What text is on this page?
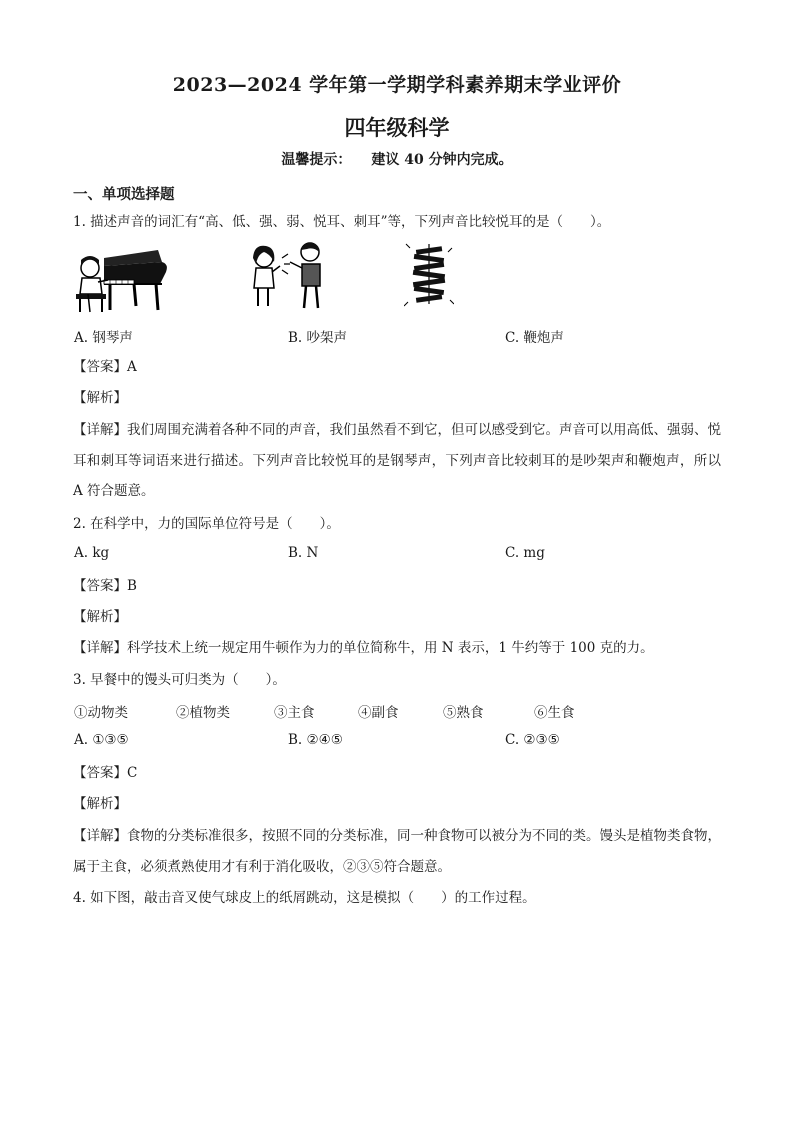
2023—2024 学年第一学期学科素养期末学业评价
四年级科学
温馨提示： 建议 40 分钟内完成。
一、单项选择题
1. 描述声音的词汇有“高、低、强、弱、悦耳、刺耳”等，下列声音比较悦耳的是（　　）。
A. 钢琴声	B. 吵架声	C. 鞭炮声
【答案】A
【解析】
【详解】我们周围充满着各种不同的声音，我们虽然看不到它，但可以感受到它。声音可以用高低、强弱、悦耳和刺耳等词语来进行描述。下列声音比较悦耳的是钢琴声，下列声音比较刺耳的是吵架声和鞭炮声，所以 A 符合题意。
2. 在科学中，力的国际单位符号是（　　）。
A. kg	B. N	C. mg
【答案】B
【解析】
【详解】科学技术上统一规定用牛顿作为力的单位简称牛，用 N 表示，1 牛约等于 100 克的力。
3. 早餐中的馒头可归类为（　　）。
①动物类	②植物类	③主食	④副食	⑤熟食	⑥生食
A. ①③⑤	B. ②④⑤	C. ②③⑤
【答案】C
【解析】
【详解】食物的分类标准很多，按照不同的分类标准，同一种食物可以被分为不同的类。馒头是植物类食物，属于主食，必须煮熟使用才有利于消化吸收，②③⑤符合题意。
4. 如下图，敲击音叉使气球皮上的纸屑跳动，这是模拟（　　）的工作过程。
